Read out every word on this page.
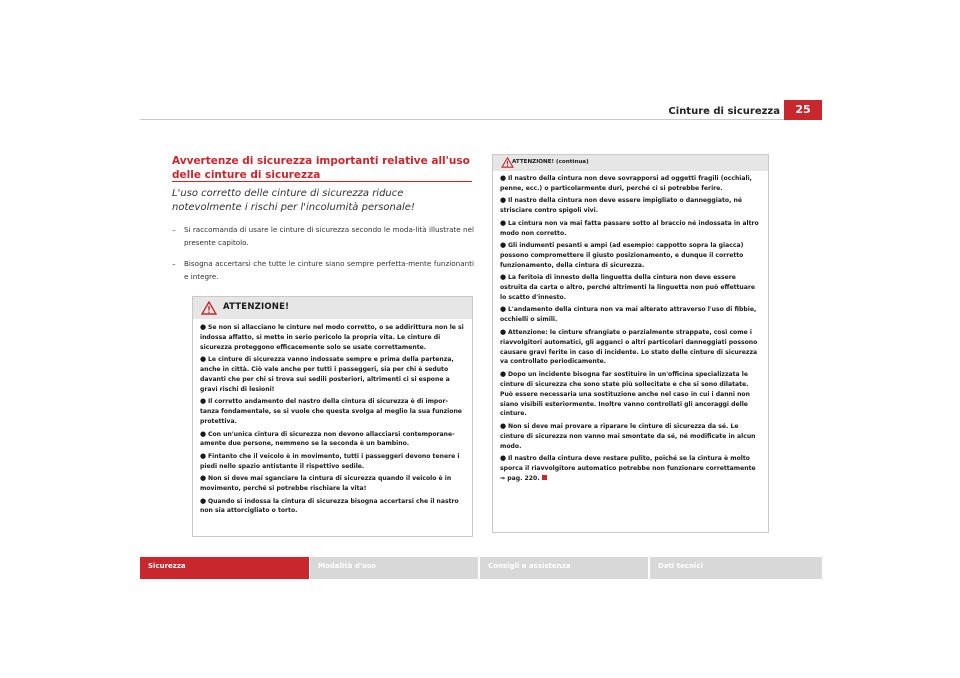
Cinture di sicurezza	25
Avvertenze di sicurezza importanti relative all'uso delle cinture di sicurezza
L'uso corretto delle cinture di sicurezza riduce notevolmente i rischi per l'incolumità personale!
– Si raccomanda di usare le cinture di sicurezza secondo le moda-lità illustrate nel presente capitolo.
– Bisogna accertarsi che tutte le cinture siano sempre perfetta-mente funzionanti e integre.
ATTENZIONE!
● Se non si allacciano le cinture nel modo corretto, o se addirittura non le si indossa affatto, si mette in serio pericolo la propria vita. Le cinture di sicurezza proteggono efficacemente solo se usate correttamente.
● Le cinture di sicurezza vanno indossate sempre e prima della partenza, anche in città. Ciò vale anche per tutti i passeggeri, sia per chi è seduto davanti che per chi si trova sui sedili posteriori, altrimenti ci si espone a gravi rischi di lesioni!
● Il corretto andamento del nastro della cintura di sicurezza è di impor-tanza fondamentale, se si vuole che questa svolga al meglio la sua funzione protettiva.
● Con un'unica cintura di sicurezza non devono allacciarsi contemporane-amente due persone, nemmeno se la seconda è un bambino.
● Fintanto che il veicolo è in movimento, tutti i passeggeri devono tenere i piedi nello spazio antistante il rispettivo sedile.
● Non si deve mai sganciare la cintura di sicurezza quando il veicolo è in movimento, perché si potrebbe rischiare la vita!
● Quando si indossa la cintura di sicurezza bisogna accertarsi che il nastro non sia attorcigliato o torto.
ATTENZIONE! (continua)
● Il nastro della cintura non deve sovrapporsi ad oggetti fragili (occhiali, penne, ecc.) o particolarmente duri, perché ci si potrebbe ferire.
● Il nastro della cintura non deve essere impigliato o danneggiato, né strisciare contro spigoli vivi.
● La cintura non va mai fatta passare sotto al braccio né indossata in altro modo non corretto.
● Gli indumenti pesanti e ampi (ad esempio: cappotto sopra la giacca) possono compromettere il giusto posizionamento, e dunque il corretto funzionamento, della cintura di sicurezza.
● La feritoia di innesto della linguetta della cintura non deve essere ostruita da carta o altro, perché altrimenti la linguetta non può effettuare lo scatto d'innesto.
● L'andamento della cintura non va mai alterato attraverso l'uso di fibbie, occhielli o simili.
● Attenzione: le cinture sfrangiate o parzialmente strappate, così come i riavvolgitori automatici, gli agganci o altri particolari danneggiati possono causare gravi ferite in caso di incidente. Lo stato delle cinture di sicurezza va controllato periodicamente.
● Dopo un incidente bisogna far sostituire in un'officina specializzata le cinture di sicurezza che sono state più sollecitate e che si sono dilatate. Può essere necessaria una sostituzione anche nel caso in cui i danni non siano visibili esteriormente. Inoltre vanno controllati gli ancoraggi delle cinture.
● Non si deve mai provare a riparare le cinture di sicurezza da sé. Le cinture di sicurezza non vanno mai smontate da sé, né modificate in alcun modo.
● Il nastro della cintura deve restare pulito, poiché se la cintura è molto sporca il riavvolgitore automatico potrebbe non funzionare correttamente
⇒ pag. 220.
Sicurezza	Modalità d'uso	Consigli e assistenza	Dati tecnici
